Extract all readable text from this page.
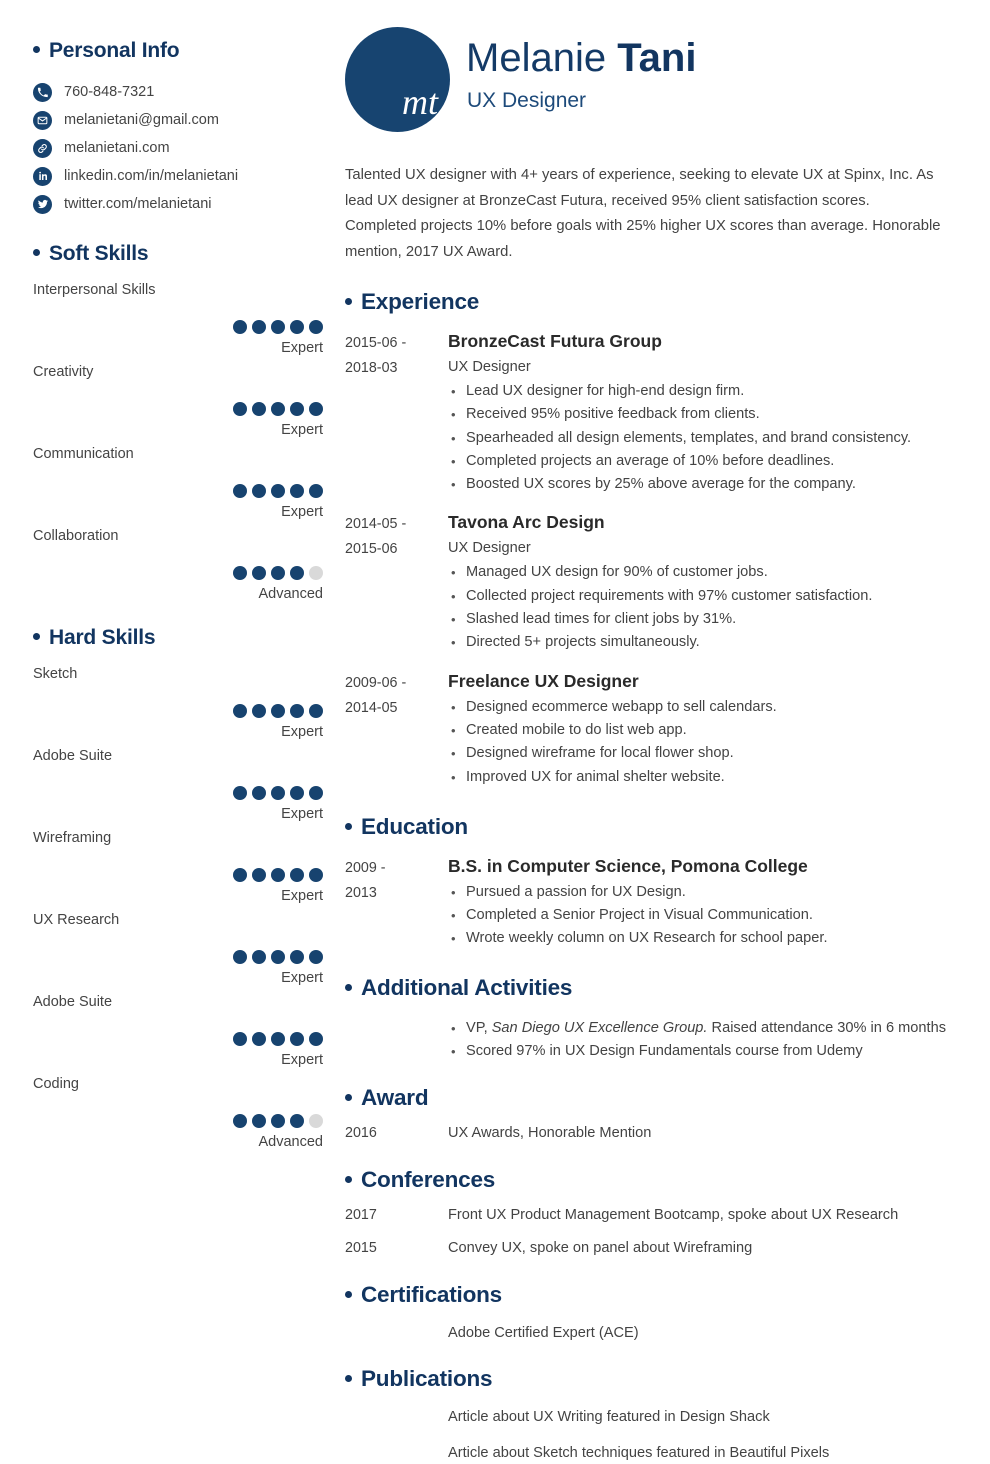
Personal Info
760-848-7321
melanietani@gmail.com
melanietani.com
linkedin.com/in/melanietani
twitter.com/melanietani
Soft Skills
Interpersonal Skills
Expert
Creativity
Expert
Communication
Expert
Collaboration
Advanced
Hard Skills
Sketch
Expert
Adobe Suite
Expert
Wireframing
Expert
UX Research
Expert
Adobe Suite
Expert
Coding
Advanced
mt
Melanie Tani
UX Designer
Talented UX designer with 4+ years of experience, seeking to elevate UX at Spinx, Inc. As lead UX designer at BronzeCast Futura, received 95% client satisfaction scores. Completed projects 10% before goals with 25% higher UX scores than average. Honorable mention, 2017 UX Award.
Experience
2015-06 -
2018-03
BronzeCast Futura Group
UX Designer
• Lead UX designer for high-end design firm.
• Received 95% positive feedback from clients.
• Spearheaded all design elements, templates, and brand consistency.
• Completed projects an average of 10% before deadlines.
• Boosted UX scores by 25% above average for the company.
2014-05 -
2015-06
Tavona Arc Design
UX Designer
• Managed UX design for 90% of customer jobs.
• Collected project requirements with 97% customer satisfaction.
• Slashed lead times for client jobs by 31%.
• Directed 5+ projects simultaneously.
2009-06 -
2014-05
Freelance UX Designer
• Designed ecommerce webapp to sell calendars.
• Created mobile to do list web app.
• Designed wireframe for local flower shop.
• Improved UX for animal shelter website.
Education
2009 -
2013
B.S. in Computer Science, Pomona College
• Pursued a passion for UX Design.
• Completed a Senior Project in Visual Communication.
• Wrote weekly column on UX Research for school paper.
Additional Activities
• VP, San Diego UX Excellence Group. Raised attendance 30% in 6 months
• Scored 97% in UX Design Fundamentals course from Udemy
Award
2016	UX Awards, Honorable Mention
Conferences
2017	Front UX Product Management Bootcamp, spoke about UX Research
2015	Convey UX, spoke on panel about Wireframing
Certifications
Adobe Certified Expert (ACE)
Publications
Article about UX Writing featured in Design Shack
Article about Sketch techniques featured in Beautiful Pixels
